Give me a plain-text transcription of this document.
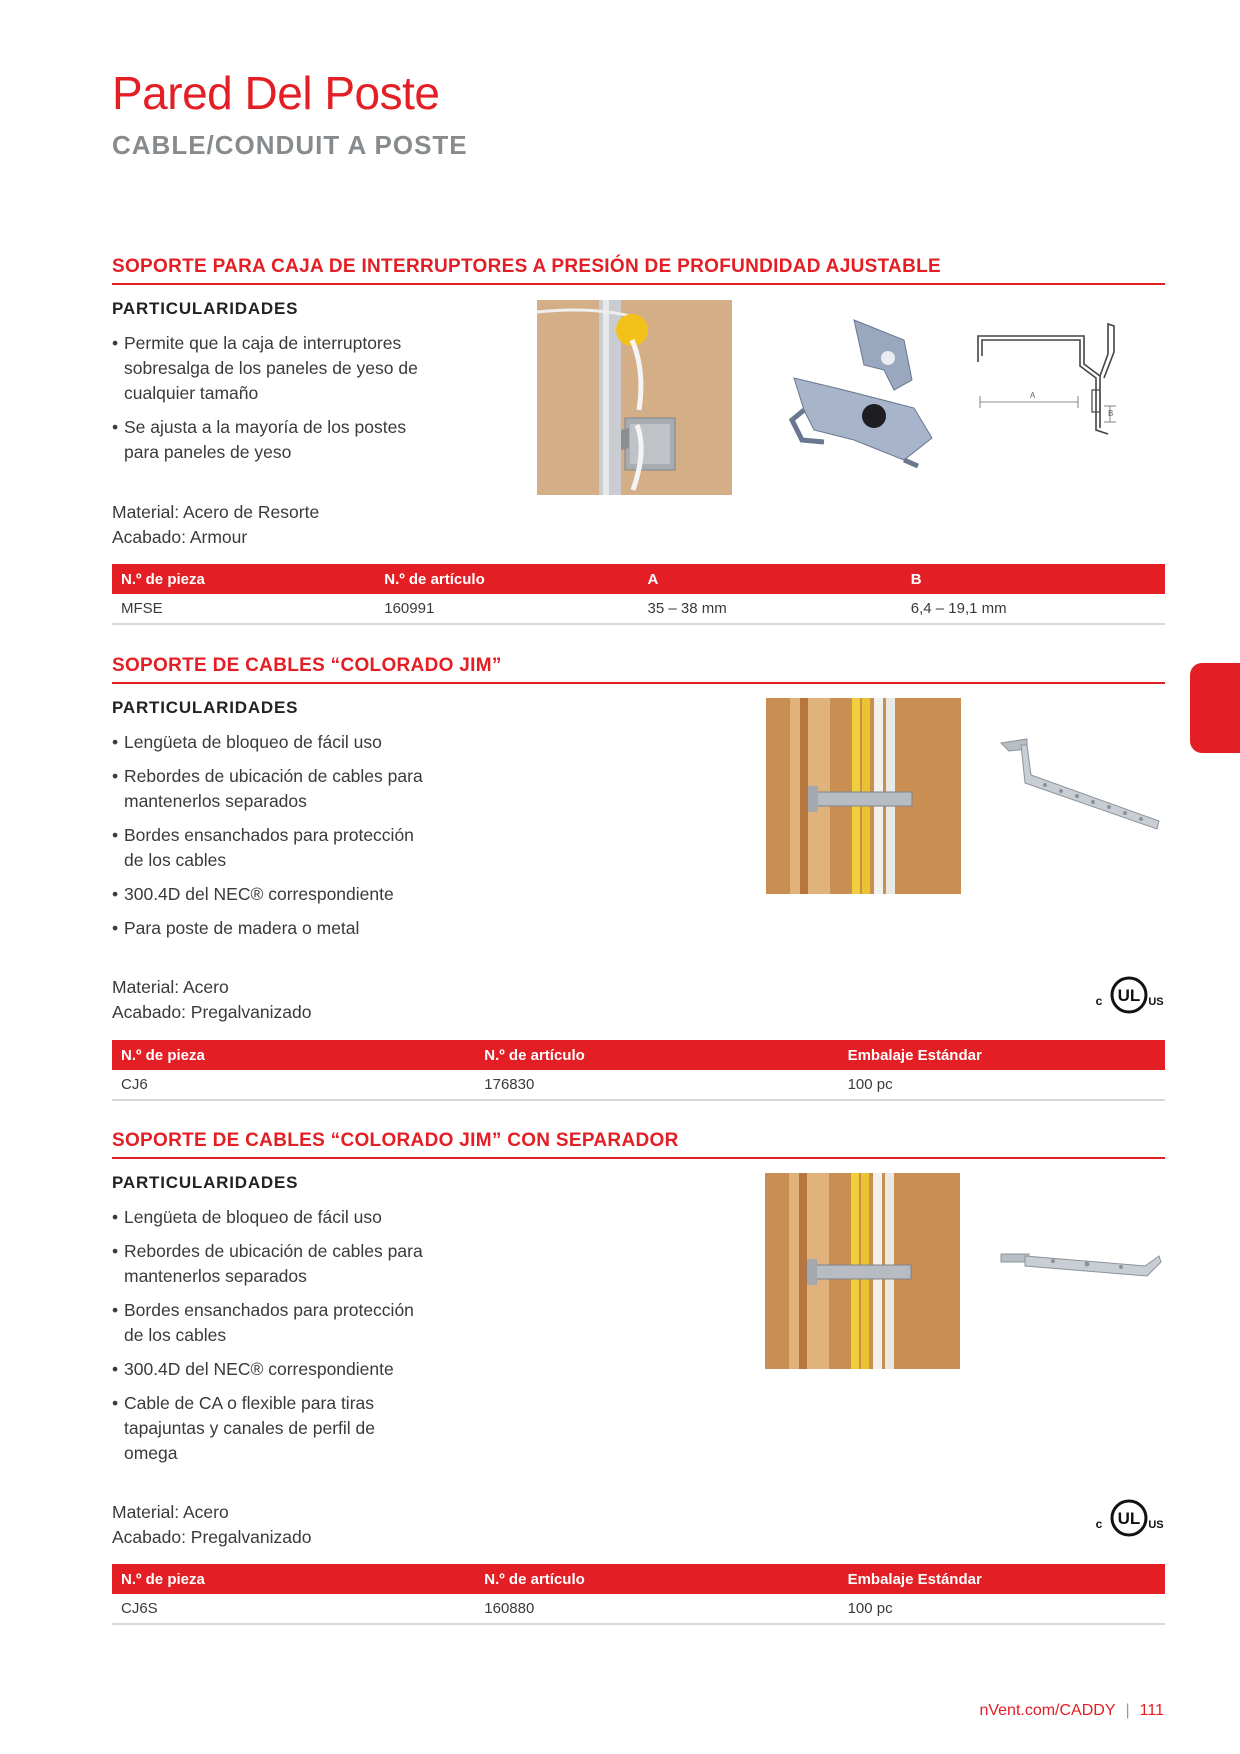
Pared Del Poste
CABLE/CONDUIT A POSTE
SOPORTE PARA CAJA DE INTERRUPTORES A PRESIÓN DE PROFUNDIDAD AJUSTABLE
PARTICULARIDADES
• Permite que la caja de interruptores sobresalga de los paneles de yeso de cualquier tamaño
• Se ajusta a la mayoría de los postes para paneles de yeso
A
B
Material: Acero de Resorte
Acabado: Armour
N.º de pieza	N.º de artículo	A	B
MFSE	160991	35 – 38 mm	6,4 – 19,1 mm
SOPORTE DE CABLES “COLORADO JIM”
PARTICULARIDADES
• Lengüeta de bloqueo de fácil uso
• Rebordes de ubicación de cables para mantenerlos separados
• Bordes ensanchados para protección de los cables
• 300.4D del NEC® correspondiente
• Para poste de madera o metal
Material: Acero
Acabado: Pregalvanizado
UL
c	US
N.º de pieza	N.º de artículo	Embalaje Estándar
CJ6	176830	100 pc
SOPORTE DE CABLES “COLORADO JIM” CON SEPARADOR
PARTICULARIDADES
• Lengüeta de bloqueo de fácil uso
• Rebordes de ubicación de cables para mantenerlos separados
• Bordes ensanchados para protección de los cables
• 300.4D del NEC® correspondiente
• Cable de CA o flexible para tiras tapajuntas y canales de perfil de omega
Material: Acero
Acabado: Pregalvanizado
UL
c	US
N.º de pieza	N.º de artículo	Embalaje Estándar
CJ6S	160880	100 pc
nVent.com/CADDY | 111
